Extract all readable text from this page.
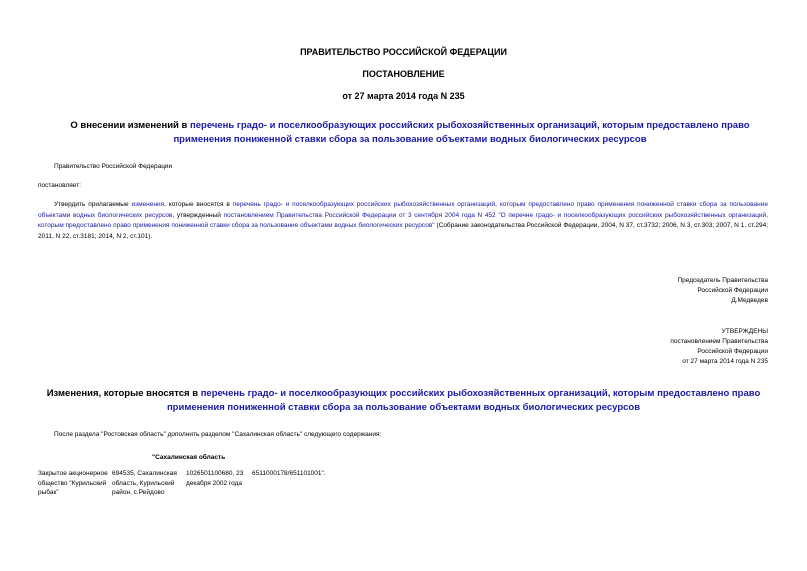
ПРАВИТЕЛЬСТВО РОССИЙСКОЙ ФЕДЕРАЦИИ
ПОСТАНОВЛЕНИЕ
от 27 марта 2014 года N 235
О внесении изменений в перечень градо- и поселкообразующих российских рыбохозяйственных организаций, которым предоставлено право применения пониженной ставки сбора за пользование объектами водных биологических ресурсов
Правительство Российской Федерации
постановляет:
Утвердить прилагаемые изменения, которые вносятся в перечень градо- и поселкообразующих российских рыбохозяйственных организаций, которым предоставлено право применения пониженной ставки сбора за пользование объектами водных биологических ресурсов, утвержденный постановлением Правительства Российской Федерации от 3 сентября 2004 года N 452 "О перечне градо- и поселкообразующих российских рыбохозяйственных организаций, которым предоставлено право применения пониженной ставки сбора за пользование объектами водных биологических ресурсов" (Собрание законодательства Российской Федерации, 2004, N 37, ст.3732; 2006, N 3, ст.303; 2007, N 1, ст.294; 2011, N 22, ст.3181; 2014, N 2, ст.101).
Председатель Правительства
Российской Федерации
Д.Медведев
УТВЕРЖДЕНЫ
постановлением Правительства
Российской Федерации
от 27 марта 2014 года N 235
Изменения, которые вносятся в перечень градо- и поселкообразующих российских рыбохозяйственных организаций, которым предоставлено право применения пониженной ставки сбора за пользование объектами водных биологических ресурсов
После раздела "Ростовская область" дополнить разделом "Сахалинская область" следующего содержания:
"Сахалинская область
Закрытое акционерное общество "Курильский рыбак"
694535, Сахалинская область, Курильский район, с.Рейдово
1026501100680, 23 декабря 2002 года
6511000178/651101001".
